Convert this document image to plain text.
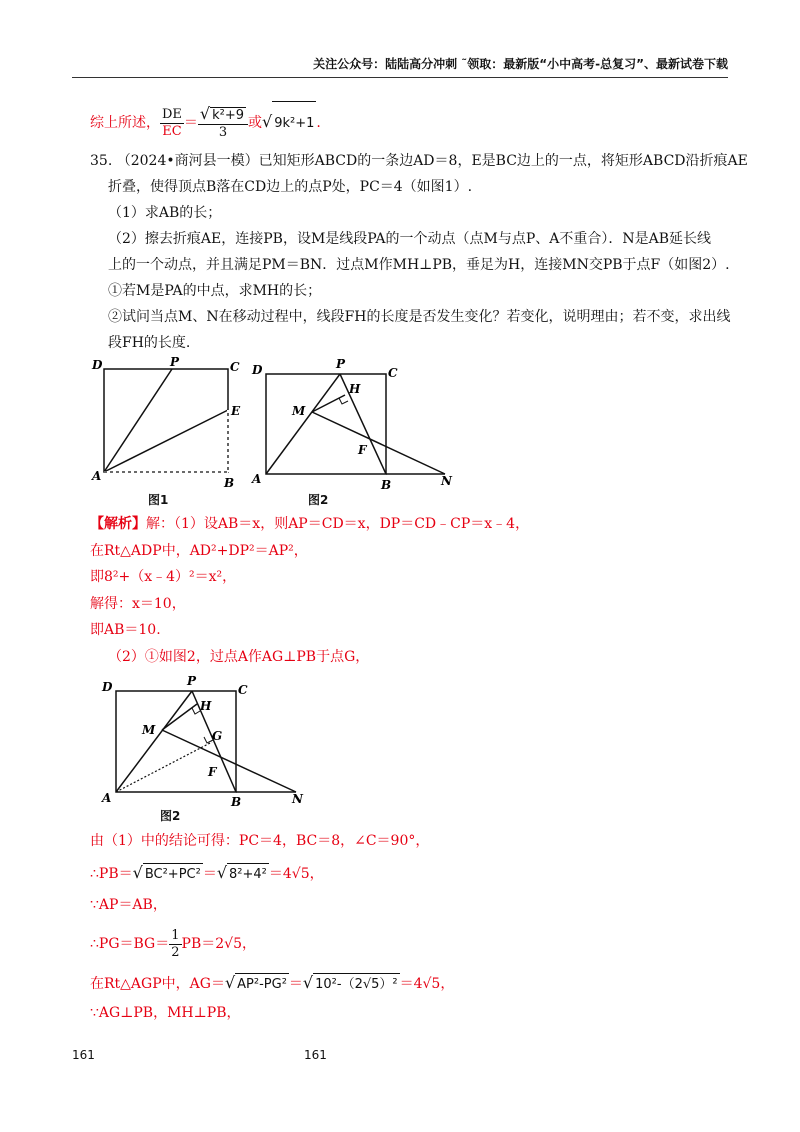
关注公众号：陆陆高分冲刺 ˜领取：最新版“小中高考-总复习”、最新试卷下载
综上所述， $\frac{DE}{EC} = \frac{\text{√ k²+9}}{3}$ 或√ 9k²+1 .
35. （2024•商河县一模）已知矩形ABCD的一条边AD＝8，E是BC边上的一点，将矩形ABCD沿折痕AE
折叠，使得顶点B落在CD边上的点P处，PC＝4（如图1）.
（1）求AB的长；
（2）擦去折痕AE，连接PB，设M是线段PA的一个动点（点M与点P、A不重合）．N是AB延长线
上的一个动点，并且满足PM＝BN．过点M作MH⊥PB，垂足为H，连接MN交PB于点F（如图2）.
①若M是PA的中点，求MH的长；
②试问当点M、N在移动过程中，线段FH的长度是否发生变化？若变化，说明理由；若不变，求出线
段FH的长度.
D	P	C
E
A	B
图1
D	P
C
H
M
F
A	B	N
图2
【解析】解：（1）设AB＝x，则AP＝CD＝x，DP＝CD﹣CP＝x﹣4，
在Rt△ADP中，AD²+DP²＝AP²，
即8²+（x﹣4）²＝x²，
解得：x＝10，
即AB＝10.
（2）①如图2，过点A作AG⊥PB于点G，
D	P
C
H
M	G
F
A	B	N
图2
由（1）中的结论可得：PC＝4，BC＝8，∠C＝90°，
∴PB＝√ BC²+PC² ＝√ 8²+4² ＝4√5，
∵AP＝AB，
∴PG＝BG＝ $\frac{1}{2} PB=2√5$，
在Rt△AGP中，AG＝√ AP²-PG² ＝√ 10²-（2√5）² ＝4√5，
∵AG⊥PB，MH⊥PB，
161	161
